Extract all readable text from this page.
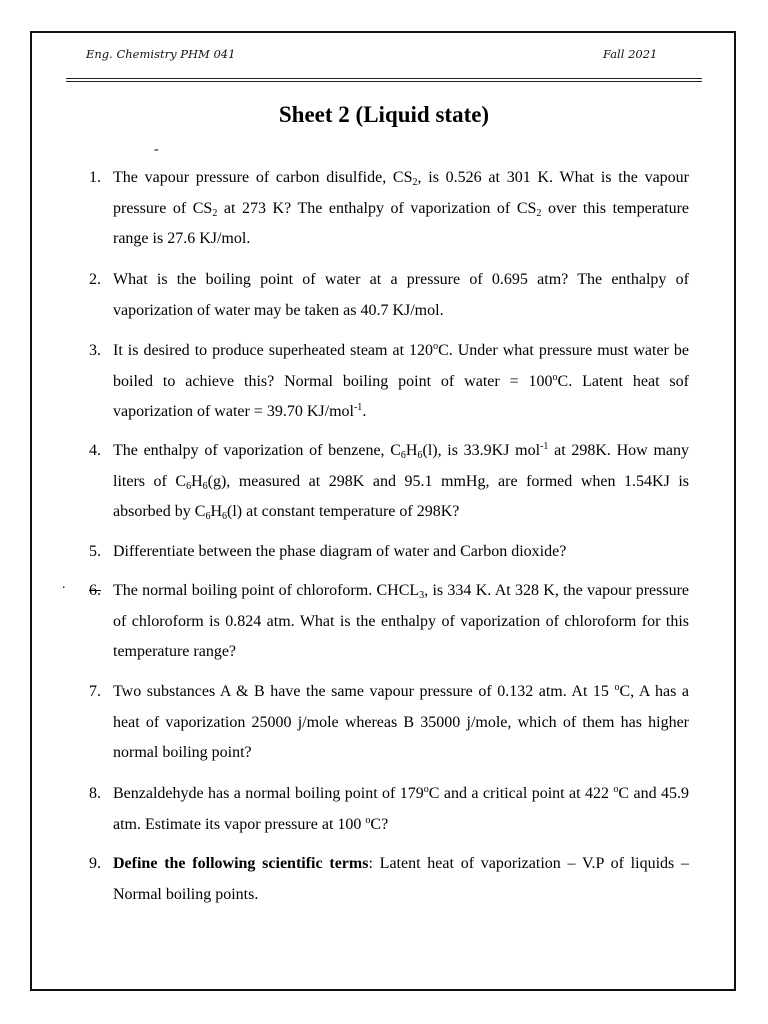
Eng. Chemistry PHM 041	Fall 2021
Sheet 2 (Liquid state)
-
.
1. The vapour pressure of carbon disulfide, $CS_2$, is 0.526 at 301 K. What is the vapour pressure of $CS_2$ at 273 K? The enthalpy of vaporization of $CS_2$ over this temperature range is 27.6 KJ/mol.
2. What is the boiling point of water at a pressure of 0.695 atm? The enthalpy of vaporization of water may be taken as 40.7 KJ/mol.
3. It is desired to produce superheated steam at 120$^o$C. Under what pressure must water be boiled to achieve this? Normal boiling point of water = $100^oC$. Latent heat sof vaporization of water = 39.70 KJ/mol$^{-1}$.
4. The enthalpy of vaporization of benzene, $C_6H_6(l)$, is 33.9KJ mol$^{-1}$ at 298K. How many liters of $C_6H_6(g)$, measured at 298K and 95.1 mmHg, are formed when 1.54KJ is absorbed by $C_6H_6(l)$ at constant temperature of 298K?
5. Differentiate between the phase diagram of water and Carbon dioxide?
6. The normal boiling point of chloroform. $CHCL_3$, is 334 K. At 328 K, the vapour pressure of chloroform is 0.824 atm. What is the enthalpy of vaporization of chloroform for this temperature range?
7. Two substances A & B have the same vapour pressure of 0.132 atm. At 15 $^o$C, A has a heat of vaporization 25000 j/mole whereas B 35000 j/mole, which of them has higher normal boiling point?
8. Benzaldehyde has a normal boiling point of 179$^o$C and a critical point at 422 $^o$C and 45.9 atm. Estimate its vapor pressure at 100 $^o$C?
9. Define the following scientific terms: Latent heat of vaporization – V.P of liquids – Normal boiling points.
